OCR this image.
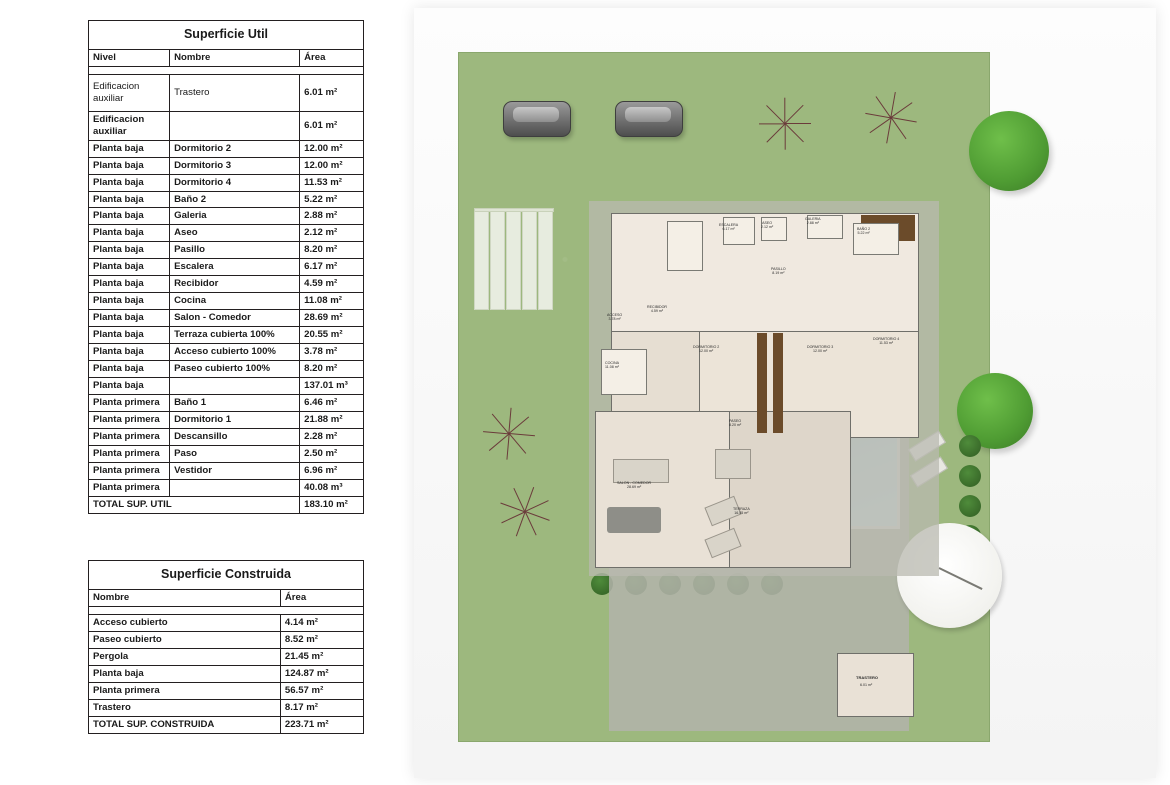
Superficie Util		
Nivel	Nombre	Área

Edificacion auxiliar	Trastero	6.01 m²
Edificacion auxiliar		6.01 m²
Planta baja	Dormitorio 2	12.00 m²
Planta baja	Dormitorio 3	12.00 m²
Planta baja	Dormitorio 4	11.53 m²
Planta baja	Baño 2	5.22 m²
Planta baja	Galeria	2.88 m²
Planta baja	Aseo	2.12 m²
Planta baja	Pasillo	8.20 m²
Planta baja	Escalera	6.17 m²
Planta baja	Recibidor	4.59 m²
Planta baja	Cocina	11.08 m²
Planta baja	Salon - Comedor	28.69 m²
Planta baja	Terraza cubierta 100%	20.55 m²
Planta baja	Acceso cubierto 100%	3.78 m²
Planta baja	Paseo cubierto 100%	8.20 m²
Planta baja		137.01 m³
Planta primera	Baño 1	6.46 m²
Planta primera	Dormitorio 1	21.88 m²
Planta primera	Descansillo	2.28 m²
Planta primera	Paso	2.50 m²
Planta primera	Vestidor	6.96 m²
Planta primera		40.08 m³
TOTAL SUP. UTIL		183.10 m²
Superficie Construida	
Nombre	Área

Acceso cubierto	4.14 m²
Paseo cubierto	8.52 m²
Pergola	21.45 m²
Planta baja	124.87 m²
Planta primera	56.57 m²
Trastero	8.17 m²
TOTAL SUP. CONSTRUIDA	223.71 m²
TRASTERO
6.01 m²
ACCESO
3.78 m²
RECIBIDOR
4.59 m²
ESCALERA
6.17 m²
ASEO
2.12 m²
GALERIA
2.88 m²
BAÑO 2
5.22 m²
PASILLO
8.19 m²
DORMITORIO 2
12.00 m²
DORMITORIO 3
12.00 m²
DORMITORIO 4
11.53 m²
COCINA
11.08 m²
PASEO
8.20 m²
SALON - COMEDOR
28.69 m²
TERRAZA
16.55 m²
